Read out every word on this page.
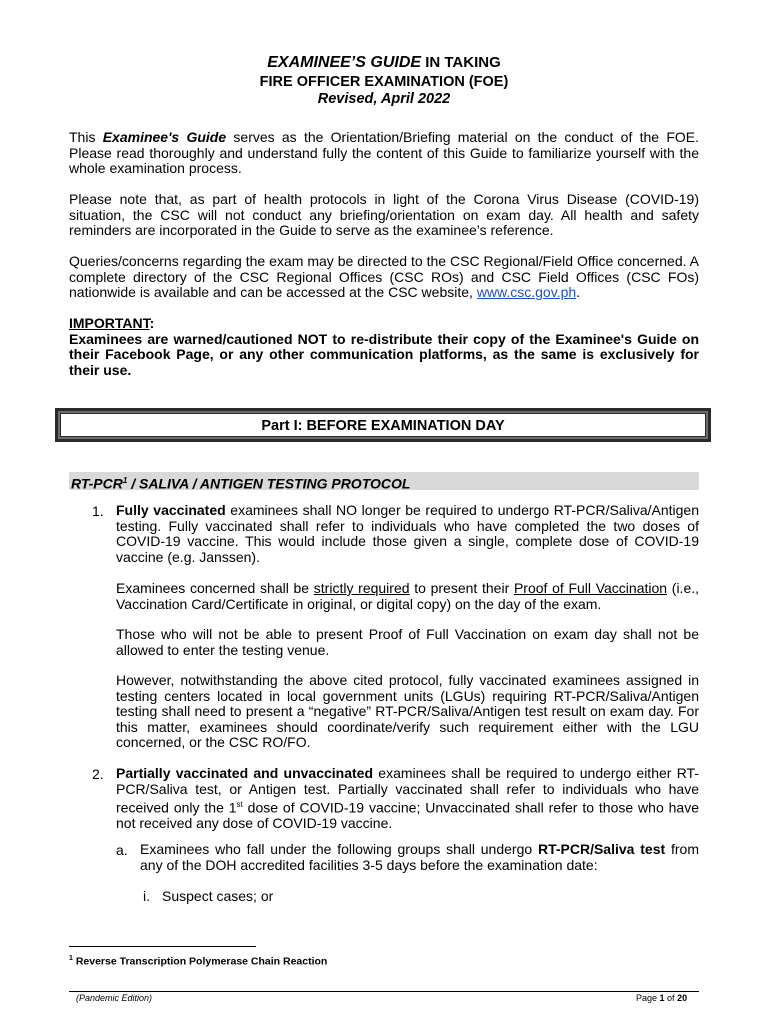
EXAMINEE’S GUIDE IN TAKING
FIRE OFFICER EXAMINATION (FOE)
Revised, April 2022

This Examinee's Guide serves as the Orientation/Briefing material on the conduct of the FOE. Please read thoroughly and understand fully the content of this Guide to familiarize yourself with the whole examination process.

Please note that, as part of health protocols in light of the Corona Virus Disease (COVID-19) situation, the CSC will not conduct any briefing/orientation on exam day. All health and safety reminders are incorporated in the Guide to serve as the examinee’s reference.

Queries/concerns regarding the exam may be directed to the CSC Regional/Field Office concerned. A complete directory of the CSC Regional Offices (CSC ROs) and CSC Field Offices (CSC FOs) nationwide is available and can be accessed at the CSC website, www.csc.gov.ph.

IMPORTANT:
Examinees are warned/cautioned NOT to re-distribute their copy of the Examinee's Guide on their Facebook Page, or any other communication platforms, as the same is exclusively for their use.

Part I: BEFORE EXAMINATION DAY
RT-PCR$^1$ / SALIVA / ANTIGEN TESTING PROTOCOL
1. Fully vaccinated examinees shall NO longer be required to undergo RT-PCR/Saliva/Antigen testing. Fully vaccinated shall refer to individuals who have completed the two doses of COVID-19 vaccine. This would include those given a single, complete dose of COVID-19 vaccine (e.g. Janssen).

Examinees concerned shall be strictly required to present their Proof of Full Vaccination (i.e., Vaccination Card/Certificate in original, or digital copy) on the day of the exam.

Those who will not be able to present Proof of Full Vaccination on exam day shall not be allowed to enter the testing venue.

However, notwithstanding the above cited protocol, fully vaccinated examinees assigned in testing centers located in local government units (LGUs) requiring RT-PCR/Saliva/Antigen testing shall need to present a “negative” RT-PCR/Saliva/Antigen test result on exam day. For this matter, examinees should coordinate/verify such requirement either with the LGU concerned, or the CSC RO/FO.

2. Partially vaccinated and unvaccinated examinees shall be required to undergo either RT-PCR/Saliva test, or Antigen test. Partially vaccinated shall refer to individuals who have received only the 1st dose of COVID-19 vaccine; Unvaccinated shall refer to those who have not received any dose of COVID-19 vaccine.

a. Examinees who fall under the following groups shall undergo RT-PCR/Saliva test from any of the DOH accredited facilities 3-5 days before the examination date:

i. Suspect cases; or
$^1$ Reverse Transcription Polymerase Chain Reaction
(Pandemic Edition)	Page 1 of 20
